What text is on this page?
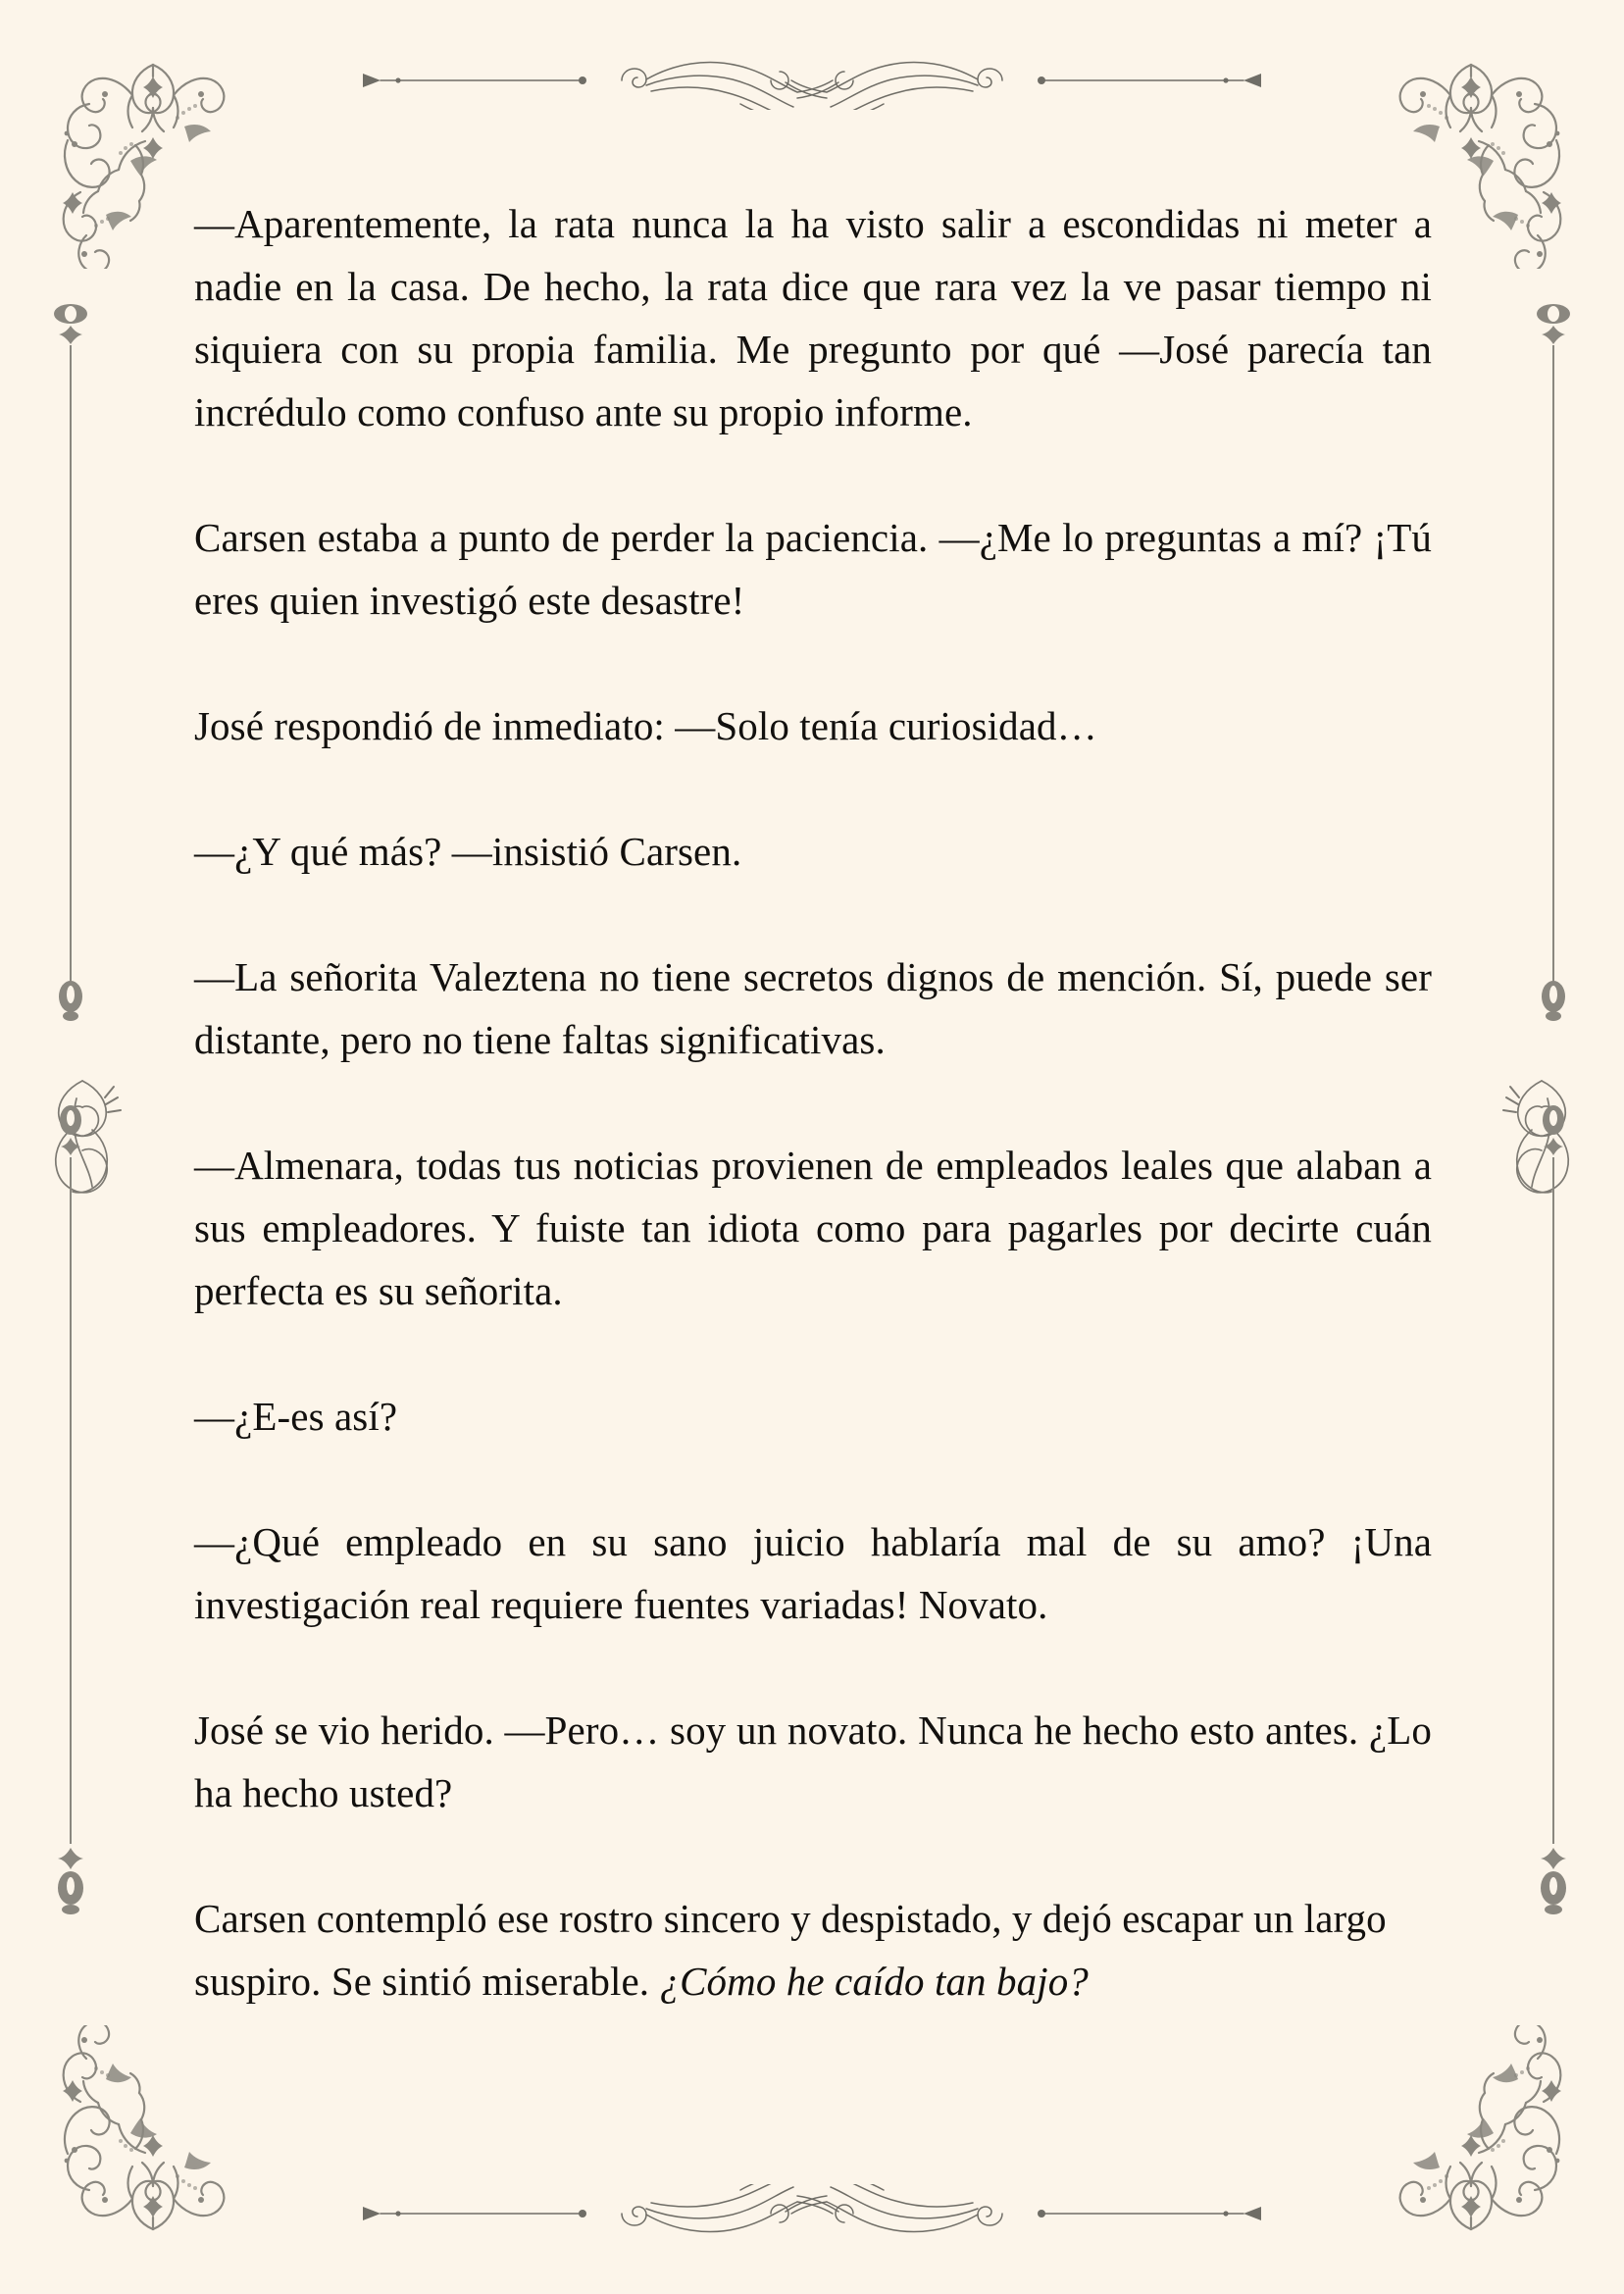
—Aparentemente, la rata nunca la ha visto salir a escondidas ni meter a nadie en la casa. De hecho, la rata dice que rara vez la ve pasar tiempo ni siquiera con su propia familia. Me pregunto por qué —José parecía tan incrédulo como confuso ante su propio informe.

Carsen estaba a punto de perder la paciencia. —¿Me lo preguntas a mí? ¡Tú eres quien investigó este desastre!

José respondió de inmediato: —Solo tenía curiosidad…

—¿Y qué más? —insistió Carsen.

—La señorita Valeztena no tiene secretos dignos de mención. Sí, puede ser distante, pero no tiene faltas significativas.

—Almenara, todas tus noticias provienen de empleados leales que alaban a sus empleadores. Y fuiste tan idiota como para pagarles por decirte cuán perfecta es su señorita.

—¿E-es así?

—¿Qué empleado en su sano juicio hablaría mal de su amo? ¡Una investigación real requiere fuentes variadas! Novato.

José se vio herido. —Pero… soy un novato. Nunca he hecho esto antes. ¿Lo ha hecho usted?

Carsen contempló ese rostro sincero y despistado, y dejó escapar un largo suspiro. Se sintió miserable. ¿Cómo he caído tan bajo?
